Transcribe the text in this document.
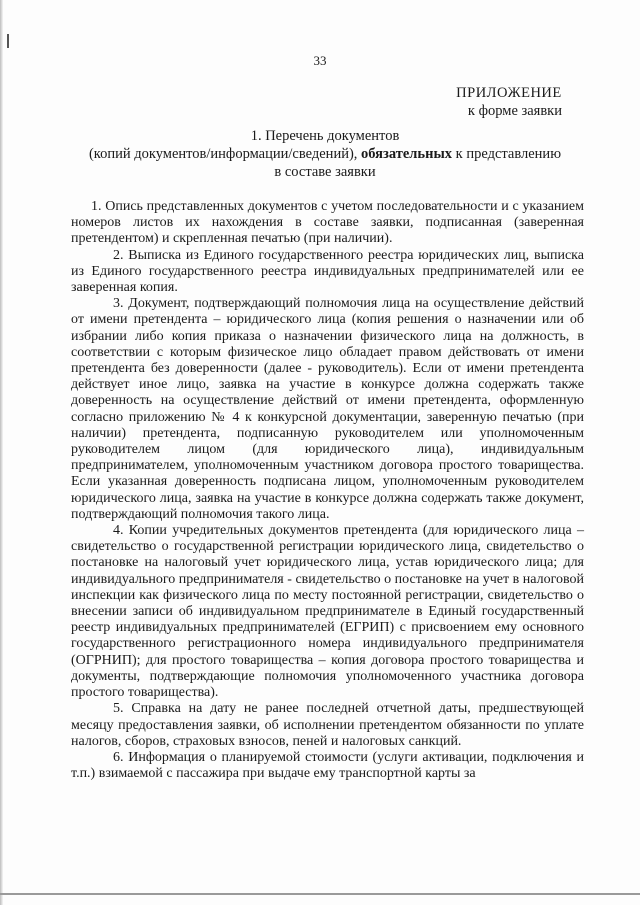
33
ПРИЛОЖЕНИЕ
к форме заявки
1. Перечень документов
(копий документов/информации/сведений), обязательных к представлению
в составе заявки

1. Опись представленных документов с учетом последовательности и с указанием номеров листов их нахождения в составе заявки, подписанная (заверенная претендентом) и скрепленная печатью (при наличии).

2. Выписка из Единого государственного реестра юридических лиц, выписка из Единого государственного реестра индивидуальных предпринимателей или ее заверенная копия.

3. Документ, подтверждающий полномочия лица на осуществление действий от имени претендента – юридического лица (копия решения о назначении или об избрании либо копия приказа о назначении физического лица на должность, в соответствии с которым физическое лицо обладает правом действовать от имени претендента без доверенности (далее - руководитель). Если от имени претендента действует иное лицо, заявка на участие в конкурсе должна содержать также доверенность на осуществление действий от имени претендента, оформленную согласно приложению № 4 к конкурсной документации, заверенную печатью (при наличии) претендента, подписанную руководителем или уполномоченным руководителем лицом (для юридического лица), индивидуальным предпринимателем, уполномоченным участником договора простого товарищества. Если указанная доверенность подписана лицом, уполномоченным руководителем юридического лица, заявка на участие в конкурсе должна содержать также документ, подтверждающий полномочия такого лица.

4. Копии учредительных документов претендента (для юридического лица – свидетельство о государственной регистрации юридического лица, свидетельство о постановке на налоговый учет юридического лица, устав юридического лица; для индивидуального предпринимателя - свидетельство о постановке на учет в налоговой инспекции как физического лица по месту постоянной регистрации, свидетельство о внесении записи об индивидуальном предпринимателе в Единый государственный реестр индивидуальных предпринимателей (ЕГРИП) с присвоением ему основного государственного регистрационного номера индивидуального предпринимателя (ОГРНИП); для простого товарищества – копия договора простого товарищества и документы, подтверждающие полномочия уполномоченного участника договора простого товарищества).

5. Справка на дату не ранее последней отчетной даты, предшествующей месяцу предоставления заявки, об исполнении претендентом обязанности по уплате налогов, сборов, страховых взносов, пеней и налоговых санкций.

6. Информация о планируемой стоимости (услуги активации, подключения и т.п.) взимаемой с пассажира при выдаче ему транспортной карты за
